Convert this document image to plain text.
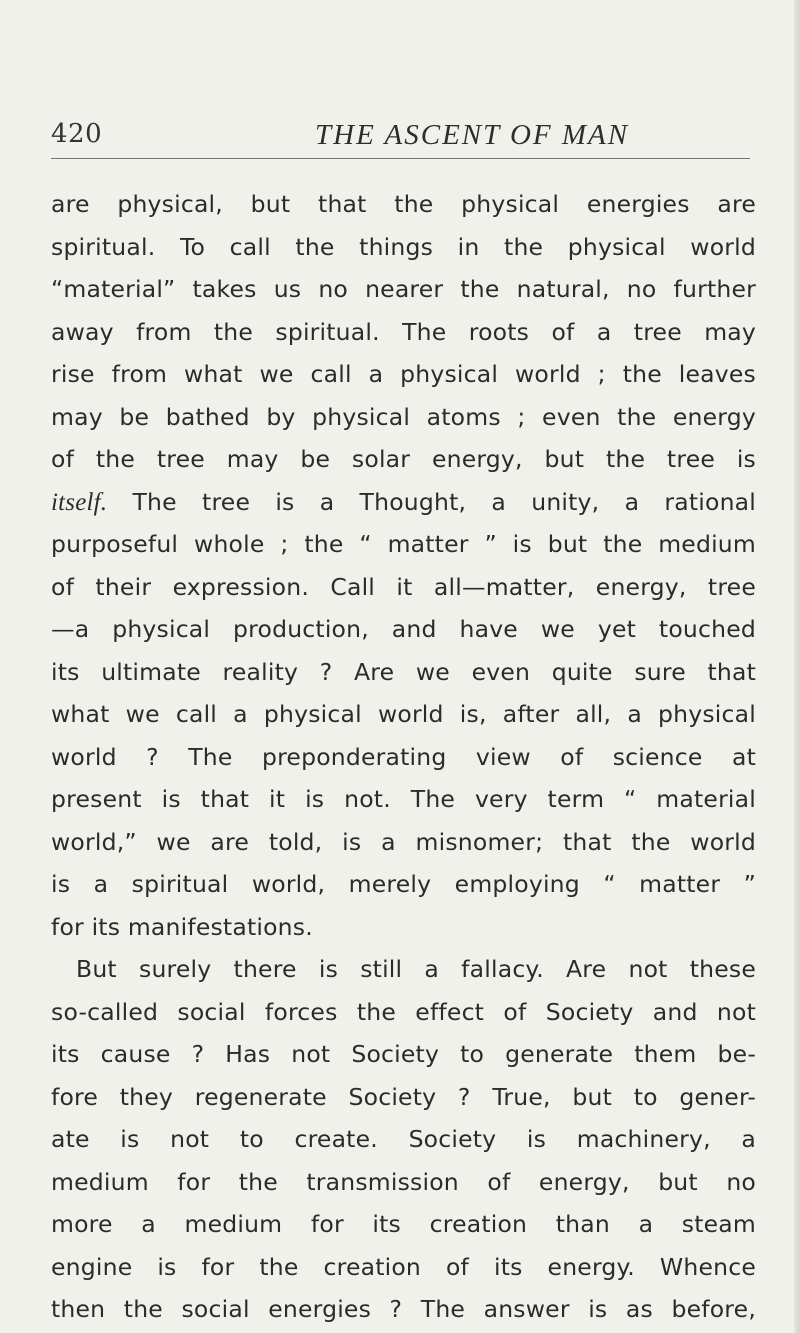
420	THE ASCENT OF MAN
are physical, but that the physical energies are
spiritual. To call the things in the physical world
“material” takes us no nearer the natural, no further
away from the spiritual. The roots of a tree may
rise from what we call a physical world ; the leaves
may be bathed by physical atoms ; even the energy
of the tree may be solar energy, but the tree is
itself. The tree is a Thought, a unity, a rational
purposeful whole ; the “ matter ” is but the medium
of their expression. Call it all—matter, energy, tree
—a physical production, and have we yet touched
its ultimate reality ? Are we even quite sure that
what we call a physical world is, after all, a physical
world ? The preponderating view of science at
present is that it is not. The very term “ material
world,” we are told, is a misnomer; that the world
is a spiritual world, merely employing “ matter ”
for its manifestations.
But surely there is still a fallacy. Are not these
so-called social forces the effect of Society and not
its cause ? Has not Society to generate them be-
fore they regenerate Society ? True, but to gener-
ate is not to create. Society is machinery, a
medium for the transmission of energy, but no
more a medium for its creation than a steam
engine is for the creation of its energy. Whence
then the social energies ? The answer is as before,
